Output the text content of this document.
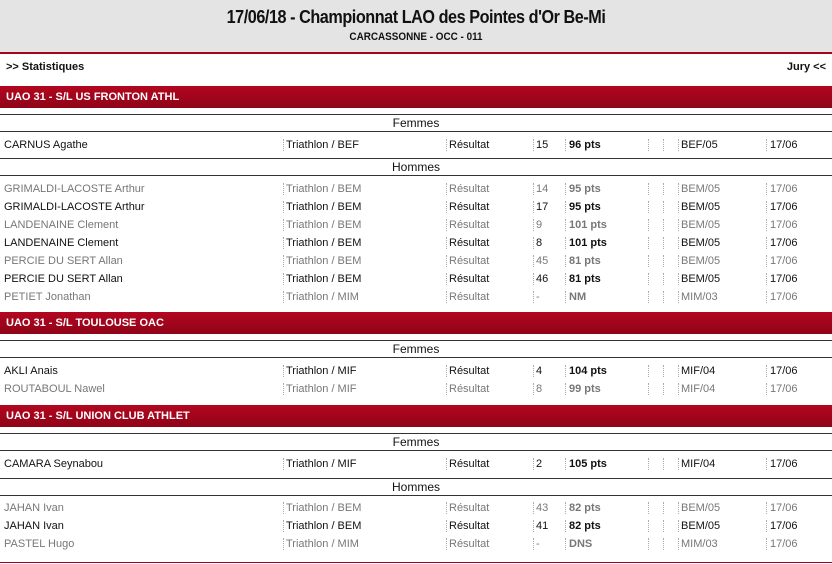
17/06/18 - Championnat LAO des Pointes d'Or Be-Mi
CARCASSONNE - OCC - 011
>> Statistiques	Jury <<
UAO 31 - S/L US FRONTON ATHL
Femmes
CARNUS Agathe	Triathlon / BEF	Résultat	15 96 pts	BEF/05	17/06
Hommes
GRIMALDI-LACOSTE Arthur	Triathlon / BEM	Résultat	14 95 pts	BEM/05	17/06
GRIMALDI-LACOSTE Arthur	Triathlon / BEM	Résultat	17 95 pts	BEM/05	17/06
LANDENAINE Clement	Triathlon / BEM	Résultat	9 101 pts	BEM/05	17/06
LANDENAINE Clement	Triathlon / BEM	Résultat	8 101 pts	BEM/05	17/06
PERCIE DU SERT Allan	Triathlon / BEM	Résultat	45 81 pts	BEM/05	17/06
PERCIE DU SERT Allan	Triathlon / BEM	Résultat	46 81 pts	BEM/05	17/06
PETIET Jonathan	Triathlon / MIM	Résultat	-	NM	MIM/03	17/06
UAO 31 - S/L TOULOUSE OAC
Femmes
AKLI Anais	Triathlon / MIF	Résultat	4 104 pts	MIF/04	17/06
ROUTABOUL Nawel	Triathlon / MIF	Résultat	8 99 pts	MIF/04	17/06
UAO 31 - S/L UNION CLUB ATHLET
Femmes
CAMARA Seynabou	Triathlon / MIF	Résultat	2 105 pts	MIF/04	17/06
Hommes
JAHAN Ivan	Triathlon / BEM	Résultat	43 82 pts	BEM/05	17/06
JAHAN Ivan	Triathlon / BEM	Résultat	41 82 pts	BEM/05	17/06
PASTEL Hugo	Triathlon / MIM	Résultat	-	DNS	MIM/03	17/06
